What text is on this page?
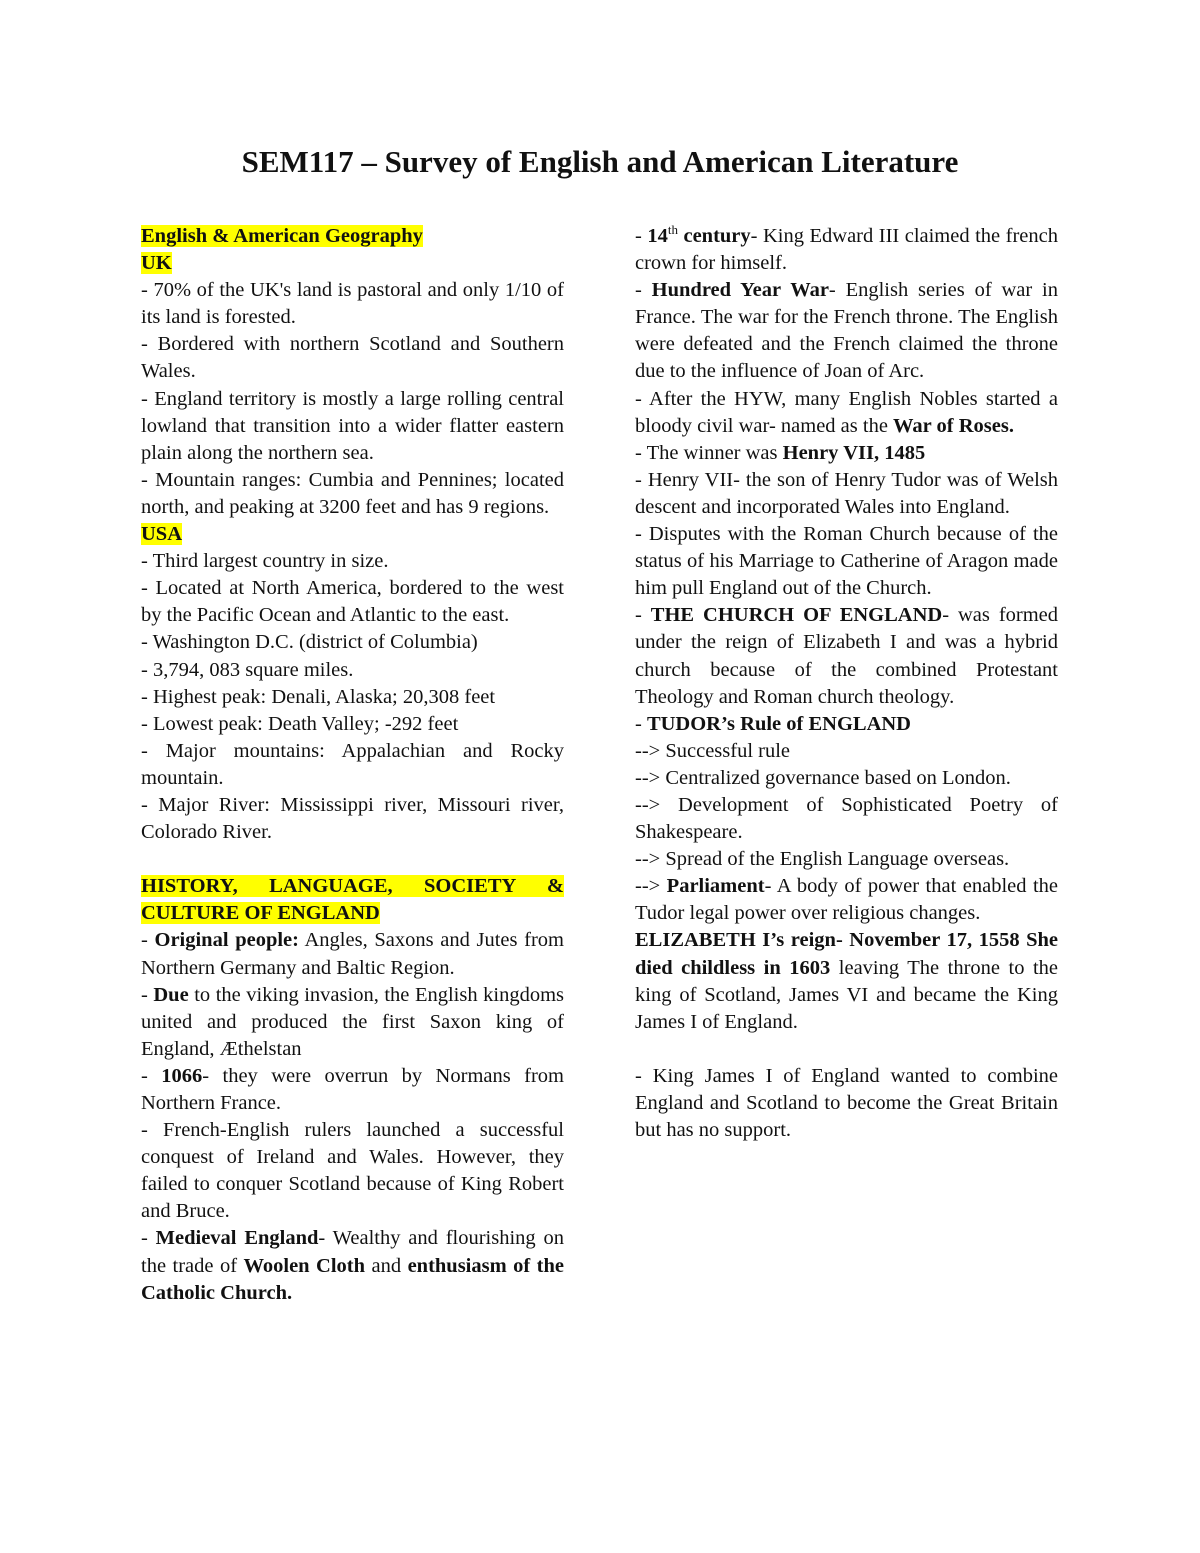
SEM117 – Survey of English and American Literature

English & American Geography

UK

- 70% of the UK's land is pastoral and only 1/10 of its land is forested.

- Bordered with northern Scotland and Southern Wales.

- England territory is mostly a large rolling central lowland that transition into a wider flatter eastern plain along the northern sea.

- Mountain ranges: Cumbia and Pennines; located north, and peaking at 3200 feet and has 9 regions.

USA

- Third largest country in size.

- Located at North America, bordered to the west by the Pacific Ocean and Atlantic to the east.

- Washington D.C. (district of Columbia)

- 3,794, 083 square miles.

- Highest peak: Denali, Alaska; 20,308 feet

- Lowest peak: Death Valley; -292 feet

- Major mountains: Appalachian and Rocky mountain.

- Major River: Mississippi river, Missouri river, Colorado River.

HISTORY, LANGUAGE, SOCIETY & CULTURE OF ENGLAND

- Original people: Angles, Saxons and Jutes from Northern Germany and Baltic Region.

- Due to the viking invasion, the English kingdoms united and produced the first Saxon king of England, Æthelstan

- 1066- they were overrun by Normans from Northern France.

- French-English rulers launched a successful conquest of Ireland and Wales. However, they failed to conquer Scotland because of King Robert and Bruce.

- Medieval England- Wealthy and flourishing on the trade of Woolen Cloth and enthusiasm of the Catholic Church.

- 14th century- King Edward III claimed the french crown for himself.

- Hundred Year War- English series of war in France. The war for the French throne. The English were defeated and the French claimed the throne due to the influence of Joan of Arc.

- After the HYW, many English Nobles started a bloody civil war- named as the War of Roses.

- The winner was Henry VII, 1485

- Henry VII- the son of Henry Tudor was of Welsh descent and incorporated Wales into England.

- Disputes with the Roman Church because of the status of his Marriage to Catherine of Aragon made him pull England out of the Church.

- THE CHURCH OF ENGLAND- was formed under the reign of Elizabeth I and was a hybrid church because of the combined Protestant Theology and Roman church theology.

- TUDOR’s Rule of ENGLAND

--> Successful rule

--> Centralized governance based on London.

--> Development of Sophisticated Poetry of Shakespeare.

--> Spread of the English Language overseas.

--> Parliament- A body of power that enabled the Tudor legal power over religious changes.

ELIZABETH I’s reign- November 17, 1558 She died childless in 1603 leaving The throne to the king of Scotland, James VI and became the King James I of England.

- King James I of England wanted to combine England and Scotland to become the Great Britain but has no support.
